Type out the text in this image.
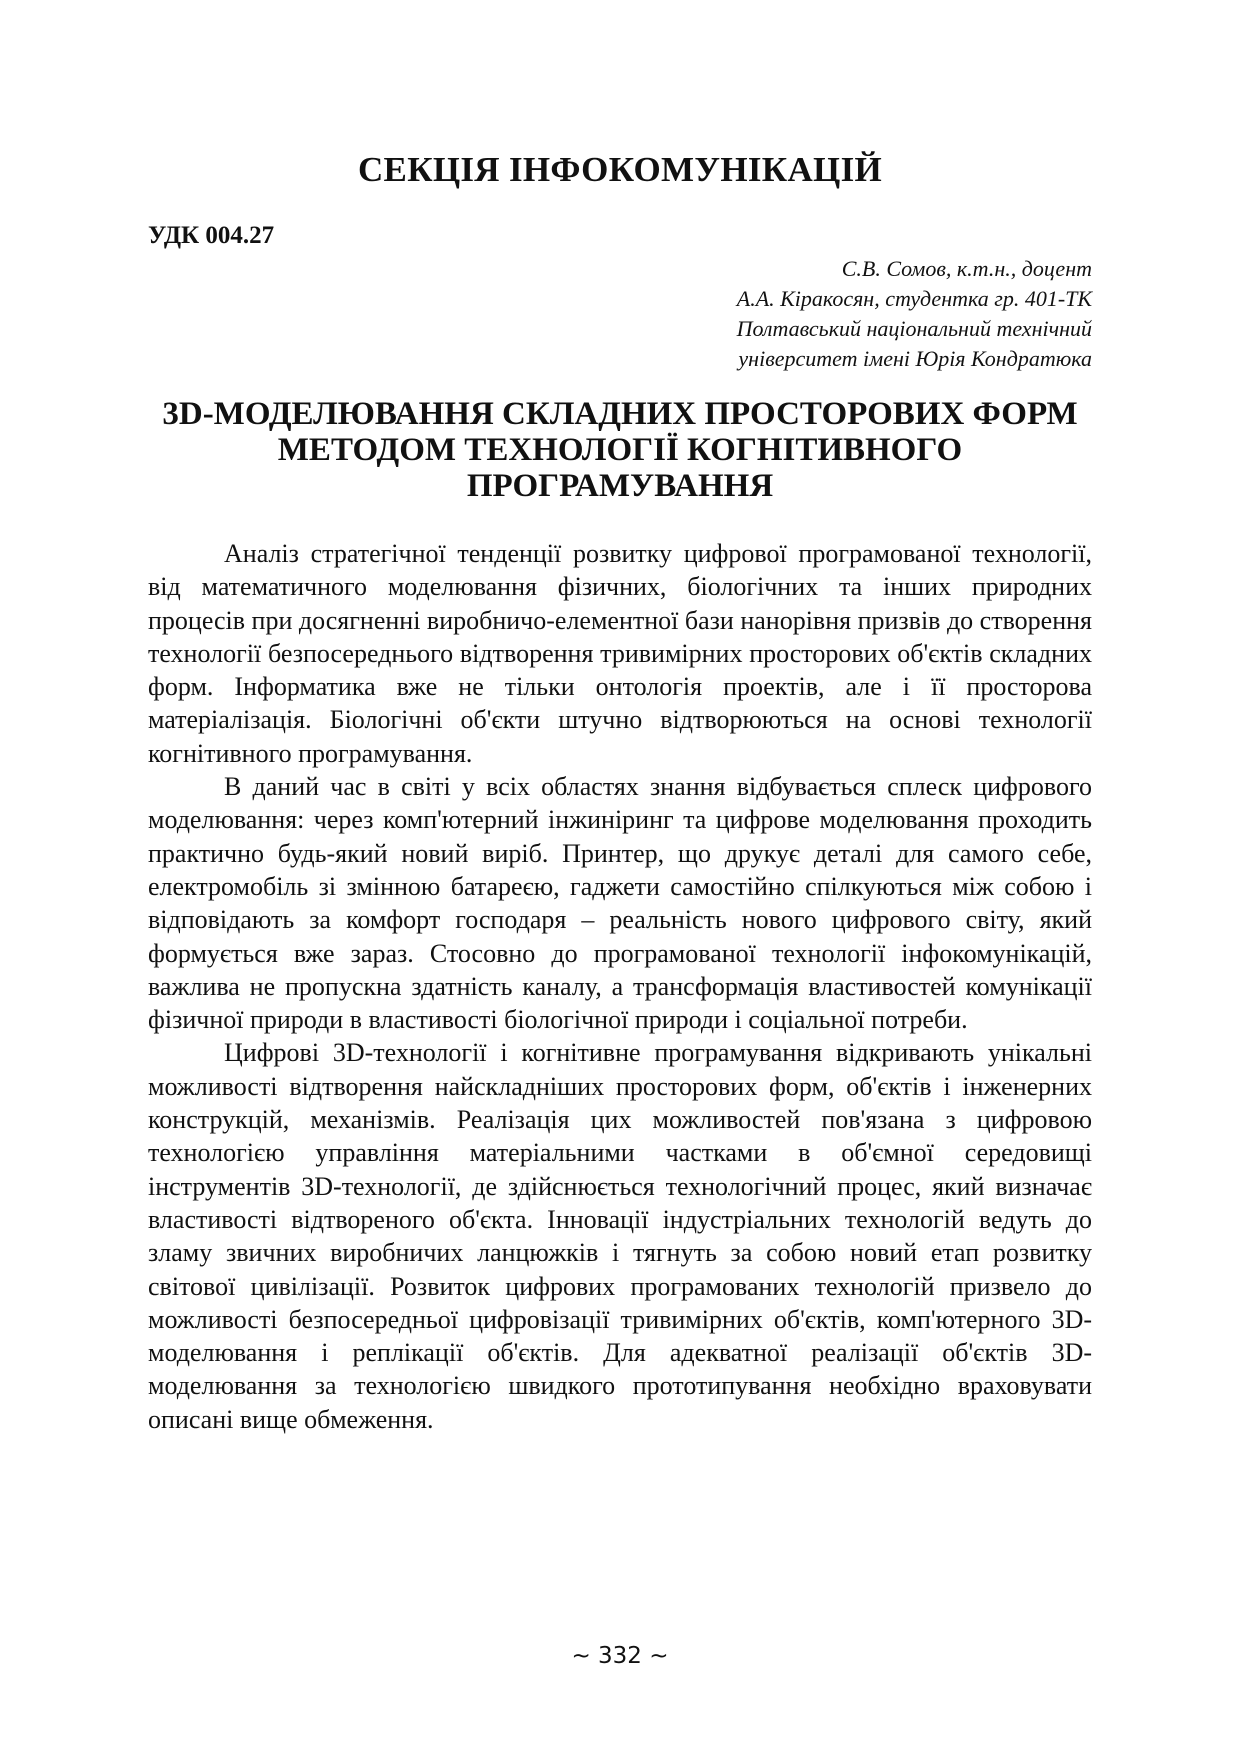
СЕКЦІЯ ІНФОКОМУНІКАЦІЙ
УДК 004.27
С.В. Сомов, к.т.н., доцент
А.А. Кіракосян, студентка гр. 401-ТК
Полтавський національний технічний
університет імені Юрія Кондратюка
3D-МОДЕЛЮВАННЯ СКЛАДНИХ ПРОСТОРОВИХ ФОРМ
МЕТОДОМ ТЕХНОЛОГІЇ КОГНІТИВНОГО
ПРОГРАМУВАННЯ

Аналіз стратегічної тенденції розвитку цифрової програмованої технології, від математичного моделювання фізичних, біологічних та інших природних процесів при досягненні виробничо-елементної бази нанорівня призвів до створення технології безпосереднього відтворення тривимірних просторових об'єктів складних форм. Інформатика вже не тільки онтологія проектів, але і її просторова матеріалізація. Біологічні об'єкти штучно відтворюються на основі технології когнітивного програмування.

В даний час в світі у всіх областях знання відбувається сплеск цифрового моделювання: через комп'ютерний інжиніринг та цифрове моделювання проходить практично будь-який новий виріб. Принтер, що друкує деталі для самого себе, електромобіль зі змінною батареєю, гаджети самостійно спілкуються між собою і відповідають за комфорт господаря – реальність нового цифрового світу, який формується вже зараз. Стосовно до програмованої технології інфокомунікацій, важлива не пропускна здатність каналу, а трансформація властивостей комунікації фізичної природи в властивості біологічної природи і соціальної потреби.

Цифрові 3D-технології і когнітивне програмування відкривають унікальні можливості відтворення найскладніших просторових форм, об'єктів і інженерних конструкцій, механізмів. Реалізація цих можливостей пов'язана з цифровою технологією управління матеріальними частками в об'ємної середовищі інструментів 3D-технології, де здійснюється технологічний процес, який визначає властивості відтвореного об'єкта. Інновації індустріальних технологій ведуть до зламу звичних виробничих ланцюжків і тягнуть за собою новий етап розвитку світової цивілізації. Розвиток цифрових програмованих технологій призвело до можливості безпосередньої цифровізації тривимірних об'єктів, комп'ютерного 3D-моделювання і реплікації об'єктів. Для адекватної реалізації об'єктів 3D-моделювання за технологією швидкого прототипування необхідно враховувати описані вище обмеження.

~ 332 ~
